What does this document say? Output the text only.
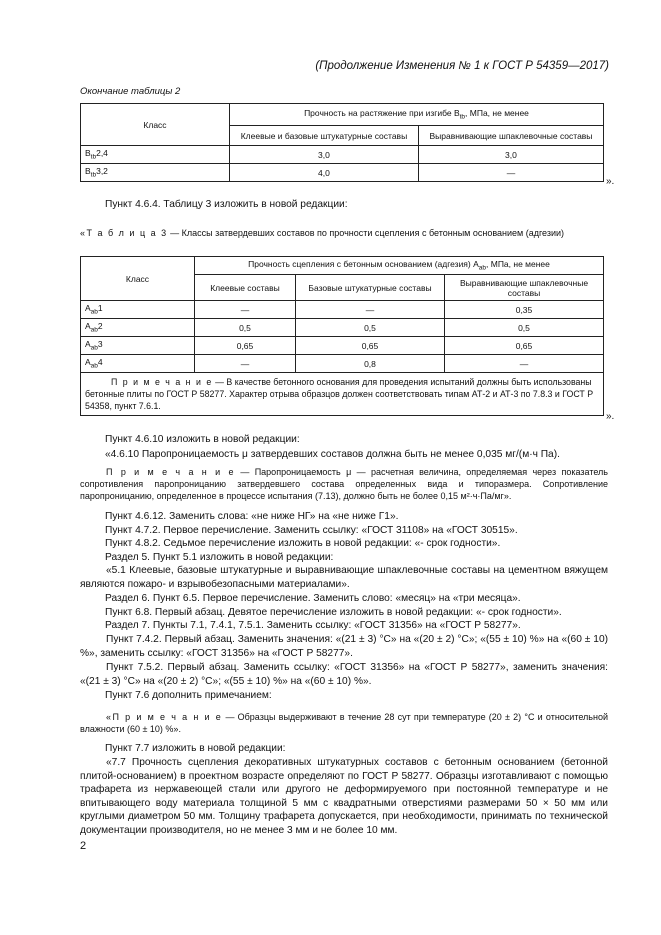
(Продолжение Изменения № 1 к ГОСТ Р 54359—2017)
Окончание таблицы 2
Класс	Прочность на растяжение при изгибе $B_{tb}$, МПа, не менее	
	Клеевые и базовые штукатурные составы	Выравнивающие шпаклевочные составы
$B_{tb}2,4$	3,0	3,0
$B_{tb}3,2$	4,0	—
».
Пункт 4.6.4. Таблицу 3 изложить в новой редакции:
«Т а б л и ц а 3 — Классы затвердевших составов по прочности сцепления с бетонным основанием (адгезии)
Класс	Прочность сцепления с бетонным основанием (адгезия) $A_{ab}$, МПа, не менее		
	Клеевые составы	Базовые штукатурные составы	Выравнивающие шпаклевочные составы
$A_{ab}1$	—	—	0,35
$A_{ab}2$	0,5	0,5	0,5
$A_{ab}3$	0,65	0,65	0,65
$A_{ab}4$	—	0,8	—
П р и м е ч а н и е — В качестве бетонного основания для проведения испытаний должны быть использованы бетонные плиты по ГОСТ Р 58277. Характер отрыва образцов должен соответствовать типам АТ-2 и АТ-3 по 7.8.3 и ГОСТ Р 54358, пункт 7.6.1.			
».
Пункт 4.6.10 изложить в новой редакции:
«4.6.10 Паропроницаемость μ затвердевших составов должна быть не менее 0,035 мг/(м·ч Па).
П р и м е ч а н и е — Паропроницаемость μ — расчетная величина, определяемая через показатель сопротивления паропроницанию затвердевшего состава определенных вида и типоразмера. Сопротивление паропроницанию, определенное в процессе испытания (7.13), должно быть не более 0,15 м²·ч·Па/мг».
Пункт 4.6.12. Заменить слова: «не ниже НГ» на «не ниже Г1».
Пункт 4.7.2. Первое перечисление. Заменить ссылку: «ГОСТ 31108» на «ГОСТ 30515».
Пункт 4.8.2. Седьмое перечисление изложить в новой редакции: «- срок годности».
Раздел 5. Пункт 5.1 изложить в новой редакции:
«5.1 Клеевые, базовые штукатурные и выравнивающие шпаклевочные составы на цементном вяжущем являются пожаро- и взрывобезопасными материалами».
Раздел 6. Пункт 6.5. Первое перечисление. Заменить слово: «месяц» на «три месяца».
Пункт 6.8. Первый абзац. Девятое перечисление изложить в новой редакции: «- срок годности».
Раздел 7. Пункты 7.1, 7.4.1, 7.5.1. Заменить ссылку: «ГОСТ 31356» на «ГОСТ Р 58277».
Пункт 7.4.2. Первый абзац. Заменить значения: «(21 ± 3) °С» на «(20 ± 2) °С»; «(55 ± 10) %» на «(60 ± 10) %», заменить ссылку: «ГОСТ 31356» на «ГОСТ Р 58277».
Пункт 7.5.2. Первый абзац. Заменить ссылку: «ГОСТ 31356» на «ГОСТ Р 58277», заменить значения: «(21 ± 3) °С» на «(20 ± 2) °С»; «(55 ± 10) %» на «(60 ± 10) %».
Пункт 7.6 дополнить примечанием:
«П р и м е ч а н и е — Образцы выдерживают в течение 28 сут при температуре (20 ± 2) °С и относительной влажности (60 ± 10) %».
Пункт 7.7 изложить в новой редакции:
«7.7 Прочность сцепления декоративных штукатурных составов с бетонным основанием (бетонной плитой-основанием) в проектном возрасте определяют по ГОСТ Р 58277. Образцы изготавливают с помощью трафарета из нержавеющей стали или другого не деформируемого при постоянной температуре и не впитывающего воду материала толщиной 5 мм с квадратными отверстиями размерами 50 × 50 мм или круглыми диаметром 50 мм. Толщину трафарета допускается, при необходимости, принимать по технической документации производителя, но не менее 3 мм и не более 10 мм.
2
